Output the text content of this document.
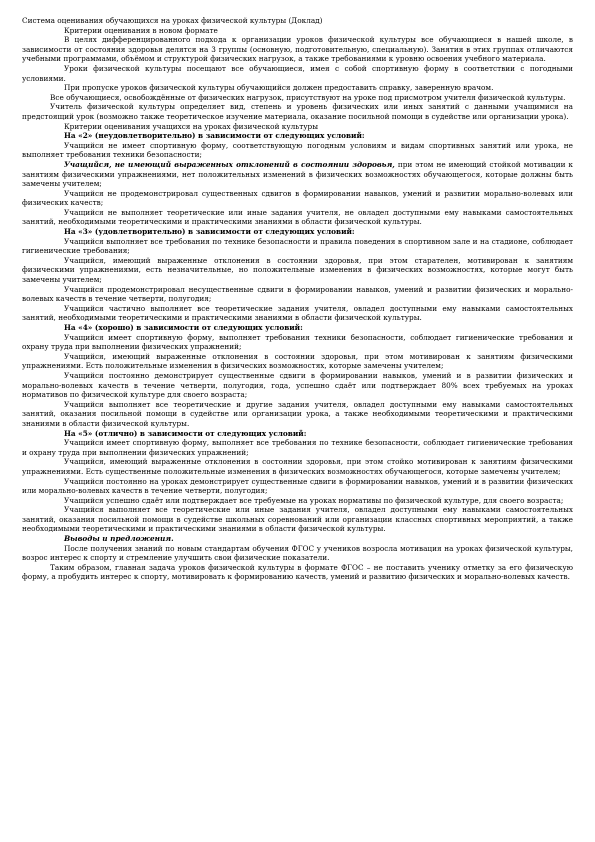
Система оценивания обучающихся на уроках физической культуры (Доклад)

Критерии оценивания в новом формате

В целях дифференцированного подхода к организации уроков физической культуры все обучающиеся в нашей школе, в зависимости от состояния здоровья делятся на 3 группы (основную, подготовительную, специальную). Занятия в этих группах отличаются учебными программами, объёмом и структурой физических нагрузок, а также требованиями к уровню освоения учебного материала.

Уроки физической культуры посещают все обучающиеся, имея с собой спортивную форму в соответствии с погодными условиями.

При пропуске уроков физической культуры обучающийся должен предоставить справку, заверенную врачом.

Все обучающиеся, освобождённые от физических нагрузок, присутствуют на уроке под присмотром учителя физической культуры.

Учитель физической культуры определяет вид, степень и уровень физических или иных занятий с данными учащимися на предстоящий урок (возможно также теоретическое изучение материала, оказание посильной помощи в судействе или организации урока).

Критерии оценивания учащихся на уроках физической культуры

На «2» (неудовлетворительно) в зависимости от следующих условий:

Учащийся не имеет спортивную форму, соответствующую погодным условиям и видам спортивных занятий или урока, не выполняет требования техники безопасности;

Учащийся, не имеющий выраженных отклонений в состоянии здоровья, при этом не имеющий стойкой мотивации к занятиям физическими упражнениями, нет положительных изменений в физических возможностях обучающегося, которые должны быть замечены учителем;

Учащийся не продемонстрировал существенных сдвигов в формировании навыков, умений и развитии морально-волевых или физических качеств;

Учащийся не выполняет теоретические или иные задания учителя, не овладел доступными ему навыками самостоятельных занятий, необходимыми теоретическими и практическими знаниями в области физической культуры.

На «3» (удовлетворительно) в зависимости от следующих условий:

Учащийся выполняет все требования по технике безопасности и правила поведения в спортивном зале и на стадионе, соблюдает гигиенические требования;

Учащийся, имеющий выраженные отклонения в состоянии здоровья, при этом старателен, мотивирован к занятиям физическими упражнениями, есть незначительные, но положительные изменения в физических возможностях, которые могут быть замечены учителем;

Учащийся продемонстрировал несущественные сдвиги в формировании навыков, умений и развитии физических и морально-волевых качеств в течение четверти, полугодия;

Учащийся частично выполняет все теоретические задания учителя, овладел доступными ему навыками самостоятельных занятий, необходимыми теоретическими и практическими знаниями в области физической культуры.

На «4» (хорошо) в зависимости от следующих условий:

Учащийся имеет спортивную форму, выполняет требования техники безопасности, соблюдает гигиенические требования и охрану труда при выполнении физических упражнений;

Учащийся, имеющий выраженные отклонения в состоянии здоровья, при этом мотивирован к занятиям физическими упражнениями. Есть положительные изменения в физических возможностях, которые замечены учителем;

Учащийся постоянно демонстрирует существенные сдвиги в формировании навыков, умений и в развитии физических и морально-волевых качеств в течение четверти, полугодия, года, успешно сдаёт или подтверждает 80% всех требуемых на уроках нормативов по физической культуре для своего возраста;

Учащийся выполняет все теоретические и другие задания учителя, овладел доступными ему навыками самостоятельных занятий, оказания посильной помощи в судействе или организации урока, а также необходимыми теоретическими и практическими знаниями в области физической культуры.

На «5» (отлично) в зависимости от следующих условий:

Учащийся имеет спортивную форму, выполняет все требования по технике безопасности, соблюдает гигиенические требования и охрану труда при выполнении физических упражнений;

Учащийся, имеющий выраженные отклонения в состоянии здоровья, при этом стойко мотивирован к занятиям физическими упражнениями. Есть существенные положительные изменения в физических возможностях обучающегося, которые замечены учителем;

Учащийся постоянно на уроках демонстрирует существенные сдвиги в формировании навыков, умений и в развитии физических или морально-волевых качеств в течение четверти, полугодия;

Учащийся успешно сдаёт или подтверждает все требуемые на уроках нормативы по физической культуре, для своего возраста;

Учащийся выполняет все теоретические или иные задания учителя, овладел доступными ему навыками самостоятельных занятий, оказания посильной помощи в судействе школьных соревнований или организации классных спортивных мероприятий, а также необходимыми теоретическими и практическими знаниями в области физической культуры.

Выводы и предложения.

После получения знаний по новым стандартам обучения ФГОС у учеников возросла мотивация на уроках физической культуры, возрос интерес к спорту и стремление улучшить свои физические показатели.

Таким образом, главная задача уроков физической культуры в формате ФГОС – не поставить ученику отметку за его физическую форму, а пробудить интерес к спорту, мотивировать к формированию качеств, умений и развитию физических и морально-волевых качеств.
